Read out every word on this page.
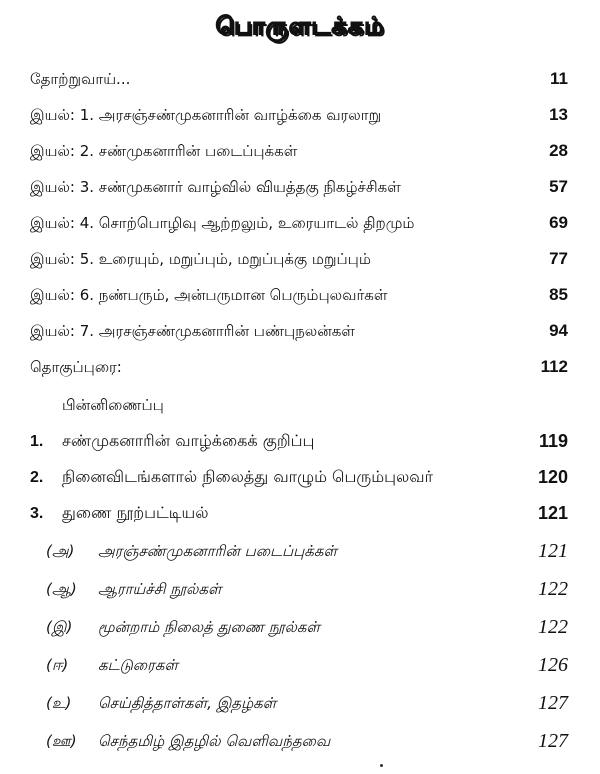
பொருளடக்கம்
தோற்றுவாய்...	11
இயல்: 1. அரசஞ்சண்முகனாரின் வாழ்க்கை வரலாறு	13
இயல்: 2. சண்முகனாரின் படைப்புக்கள்	28
இயல்: 3. சண்முகனார் வாழ்வில் வியத்தகு நிகழ்ச்சிகள்	57
இயல்: 4. சொற்பொழிவு ஆற்றலும், உரையாடல் திறமும்	69
இயல்: 5. உரையும், மறுப்பும், மறுப்புக்கு மறுப்பும்	77
இயல்: 6. நண்பரும், அன்பருமான பெரும்புலவர்கள்	85
இயல்: 7. அரசஞ்சண்முகனாரின் பண்புநலன்கள்	94
தொகுப்புரை:	112
பின்னிணைப்பு
1. சண்முகனாரின் வாழ்க்கைக் குறிப்பு	119
2. நினைவிடங்களால் நிலைத்து வாழும் பெரும்புலவர்	120
3. துணை நூற்பட்டியல்	121
(அ) அரஞ்சண்முகனாரின் படைப்புக்கள்	121
(ஆ) ஆராய்ச்சி நூல்கள்	122
(இ) மூன்றாம் நிலைத் துணை நூல்கள்	122
(ஈ) கட்டுரைகள்	126
(உ) செய்தித்தாள்கள், இதழ்கள்	127
(ஊ) செந்தமிழ் இதழில் வெளிவந்தவை	127
